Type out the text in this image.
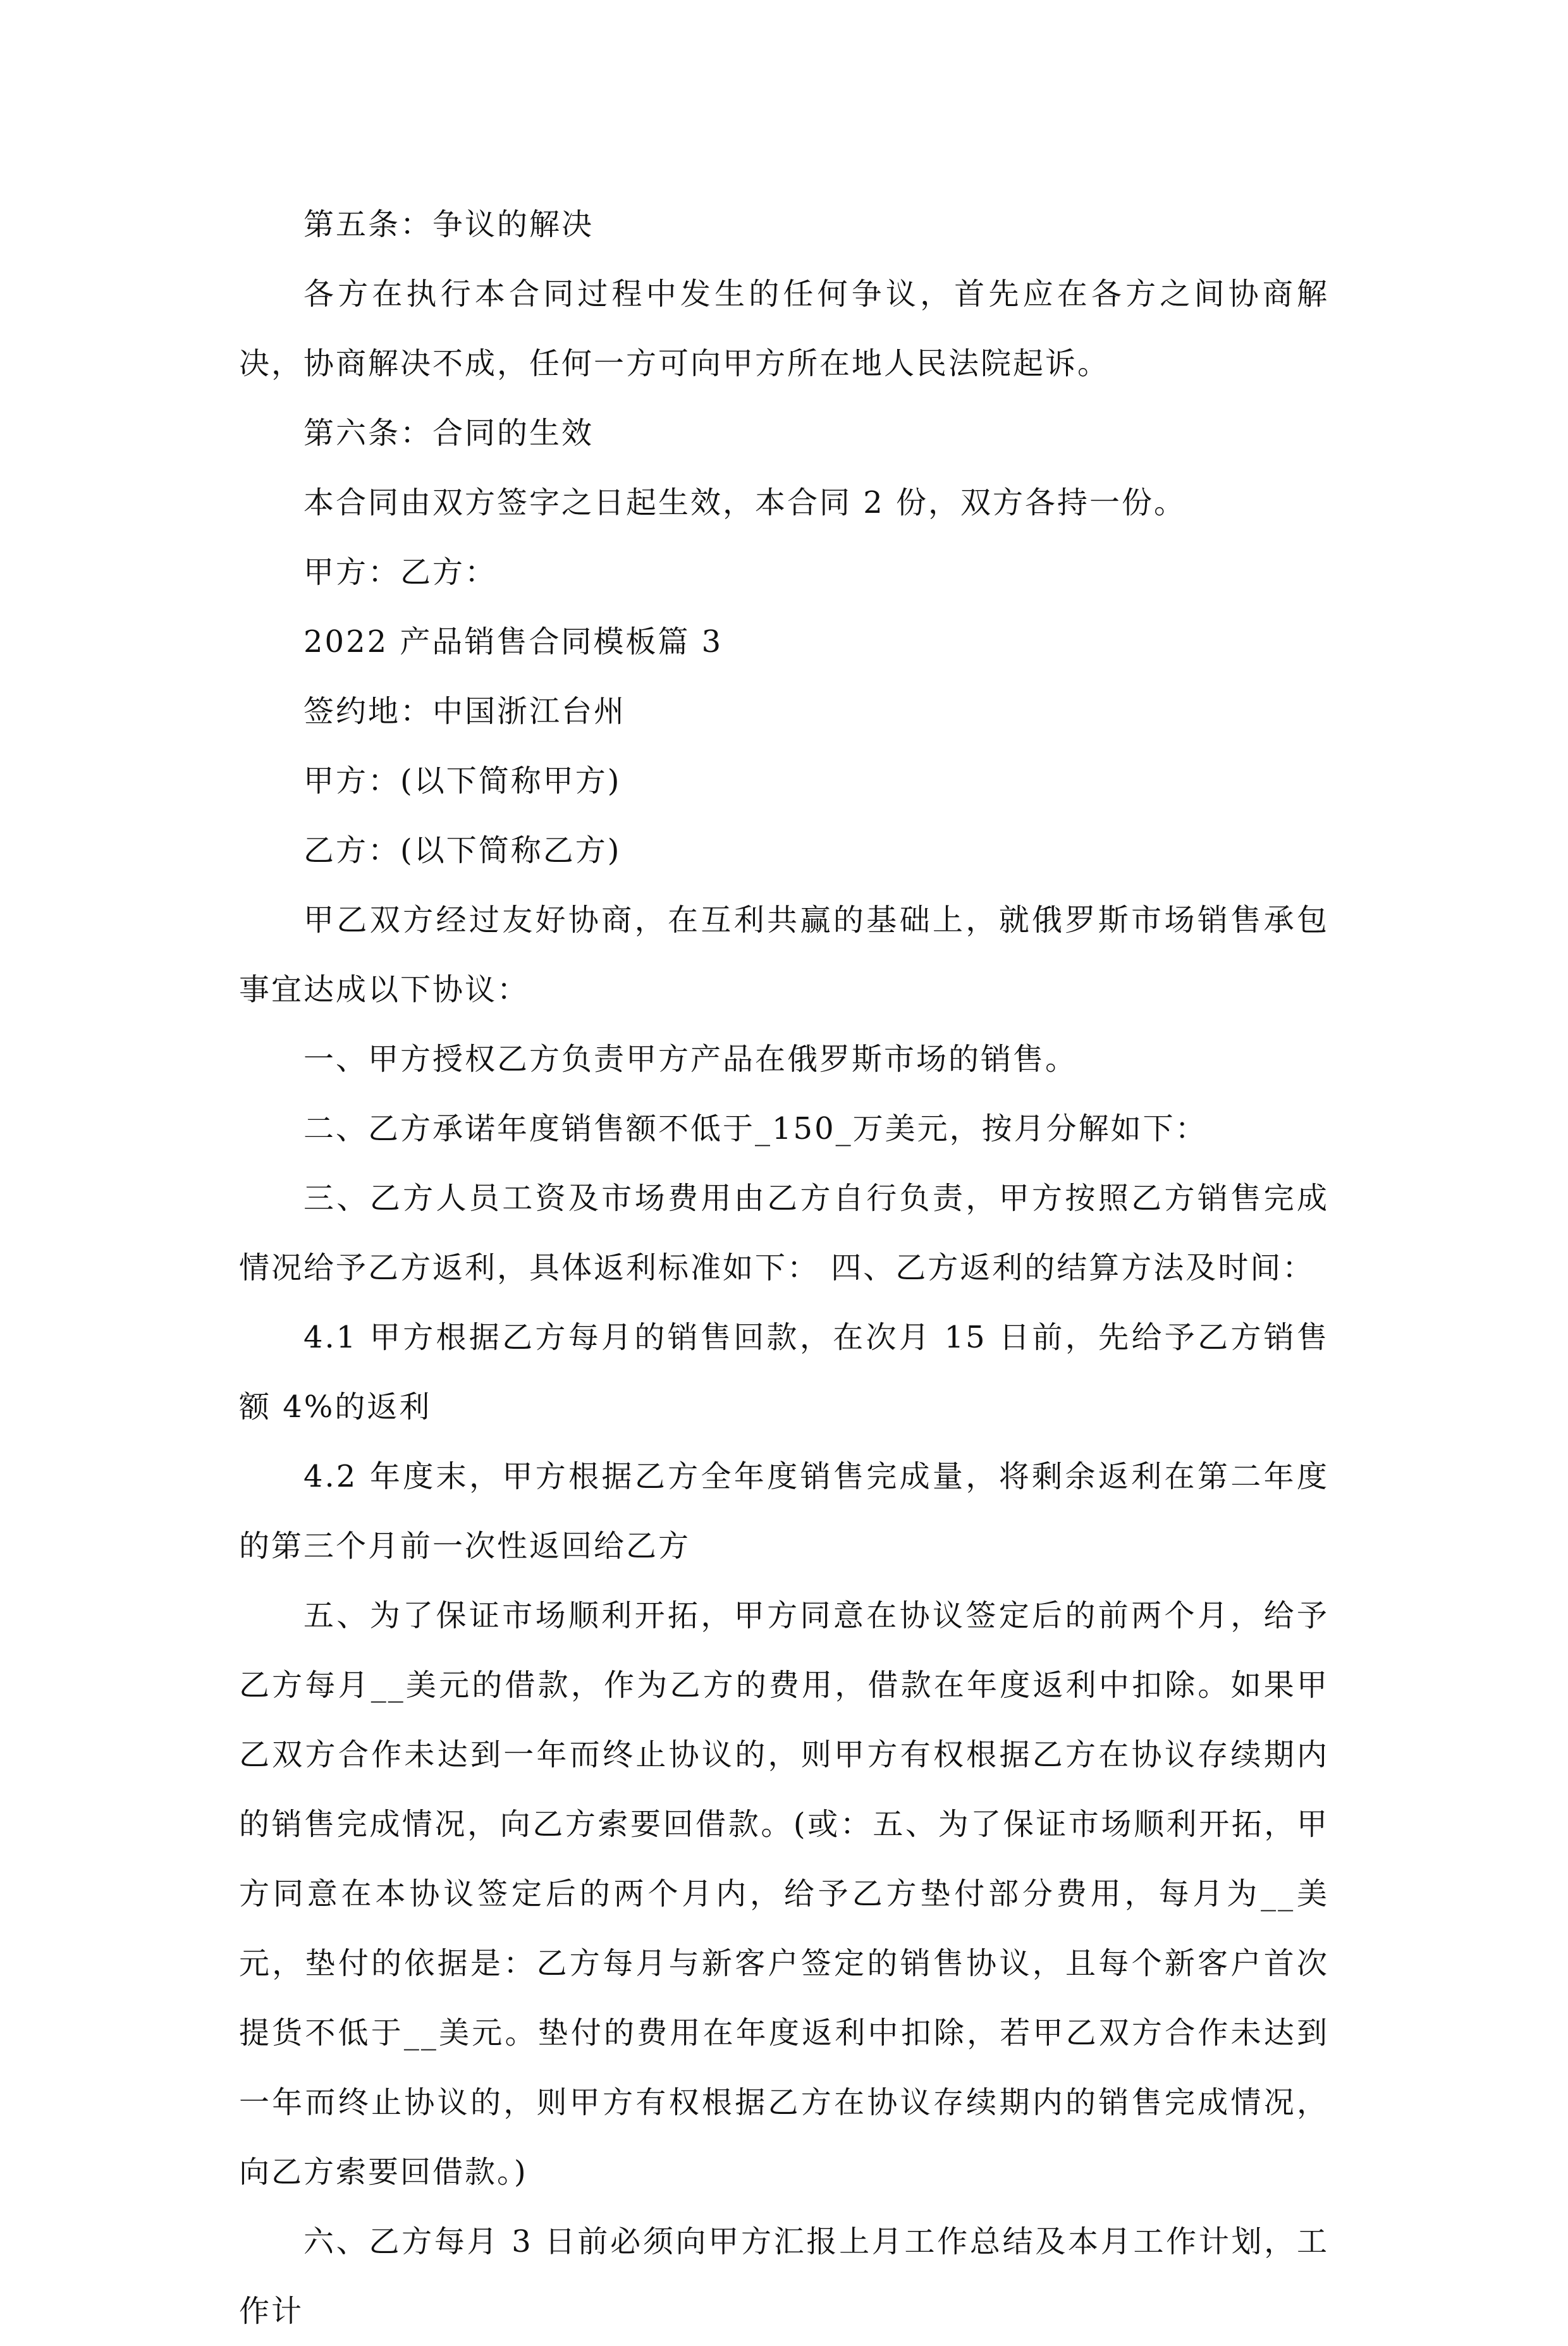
第五条：争议的解决

各方在执行本合同过程中发生的任何争议，首先应在各方之间协商解决，协商解决不成，任何一方可向甲方所在地人民法院起诉。

第六条：合同的生效

本合同由双方签字之日起生效，本合同 2 份，双方各持一份。

甲方：乙方：

2022 产品销售合同模板篇 3

签约地：中国浙江台州

甲方：(以下简称甲方)

乙方：(以下简称乙方)

甲乙双方经过友好协商，在互利共赢的基础上，就俄罗斯市场销售承包事宜达成以下协议：

一、甲方授权乙方负责甲方产品在俄罗斯市场的销售。

二、乙方承诺年度销售额不低于_150_万美元，按月分解如下：

三、乙方人员工资及市场费用由乙方自行负责，甲方按照乙方销售完成情况给予乙方返利，具体返利标准如下： 四、乙方返利的结算方法及时间：

4.1 甲方根据乙方每月的销售回款，在次月 15 日前，先给予乙方销售额 4%的返利

4.2 年度末，甲方根据乙方全年度销售完成量，将剩余返利在第二年度的第三个月前一次性返回给乙方

五、为了保证市场顺利开拓，甲方同意在协议签定后的前两个月，给予乙方每月__美元的借款，作为乙方的费用，借款在年度返利中扣除。如果甲乙双方合作未达到一年而终止协议的，则甲方有权根据乙方在协议存续期内的销售完成情况，向乙方索要回借款。(或：五、为了保证市场顺利开拓，甲方同意在本协议签定后的两个月内，给予乙方垫付部分费用，每月为__美元，垫付的依据是：乙方每月与新客户签定的销售协议，且每个新客户首次提货不低于__美元。垫付的费用在年度返利中扣除，若甲乙双方合作未达到一年而终止协议的，则甲方有权根据乙方在协议存续期内的销售完成情况，向乙方索要回借款。)

六、乙方每月 3 日前必须向甲方汇报上月工作总结及本月工作计划，工作计
